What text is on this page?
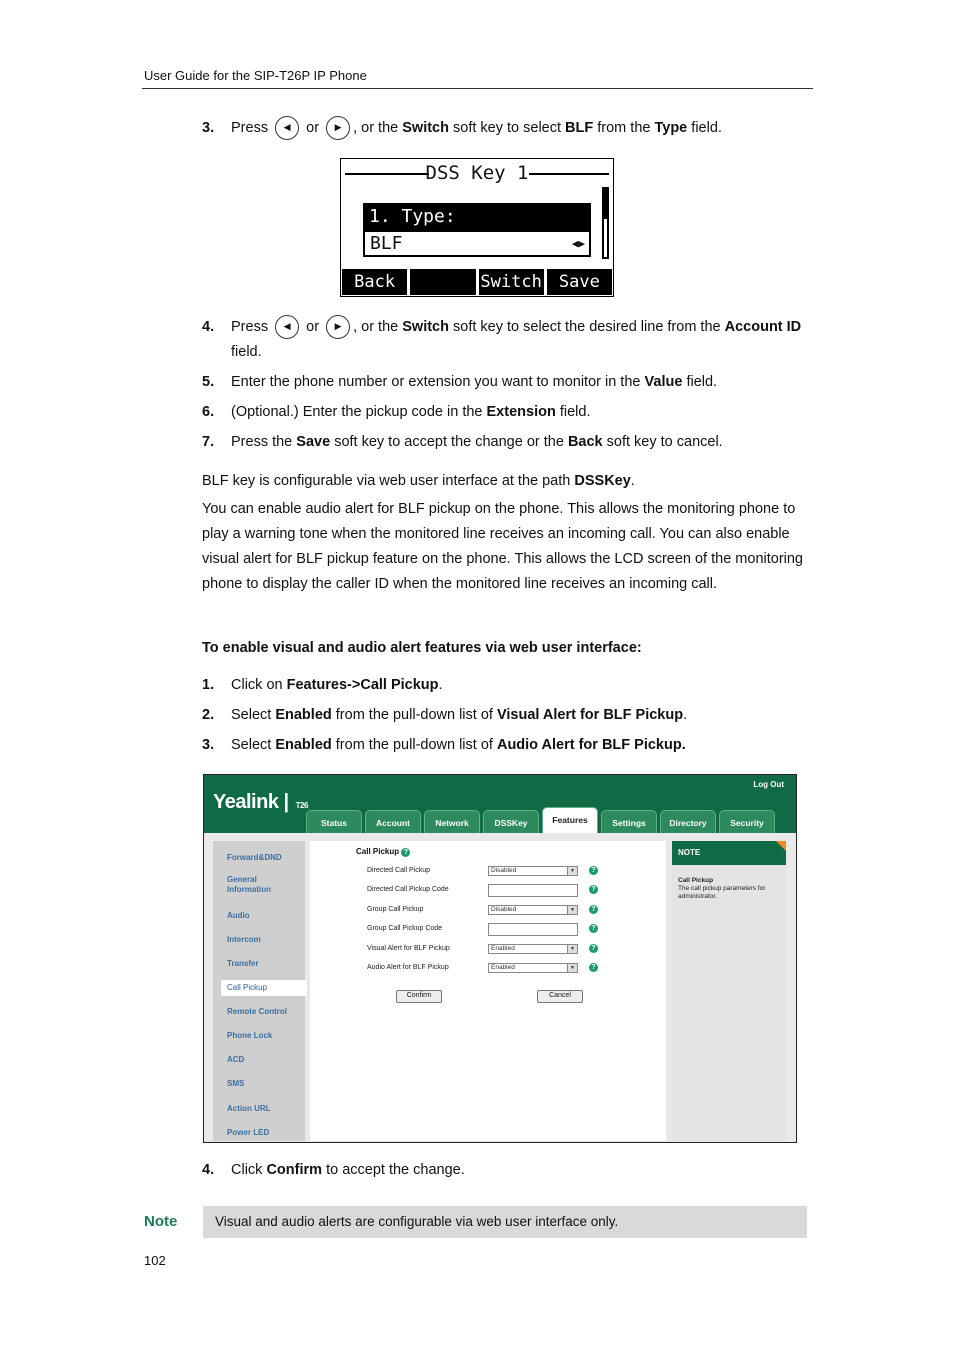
User Guide for the SIP-T26P IP Phone
3. Press ◀ or ▶ , or the Switch soft key to select BLF from the Type field.
DSS Key 1
1. Type:
BLF	◀▶
Back	Switch	Save
4. Press ◀ or ▶ , or the Switch soft key to select the desired line from the Account ID field.
5. Enter the phone number or extension you want to monitor in the Value field.
6. (Optional.) Enter the pickup code in the Extension field.
7. Press the Save soft key to accept the change or the Back soft key to cancel.
BLF key is configurable via web user interface at the path DSSKey.
You can enable audio alert for BLF pickup on the phone. This allows the monitoring phone to play a warning tone when the monitored line receives an incoming call. You can also enable visual alert for BLF pickup feature on the phone. This allows the LCD screen of the monitoring phone to display the caller ID when the monitored line receives an incoming call.
To enable visual and audio alert features via web user interface:
1. Click on Features->Call Pickup.
2. Select Enabled from the pull-down list of Visual Alert for BLF Pickup.
3. Select Enabled from the pull-down list of Audio Alert for BLF Pickup.
Yealink | T26
Log Out
Status	Account	Network	DSSKey	Features	Settings	Directory	Security
Forward&DND
General Information
Audio
Intercom
Transfer
Call Pickup
Remote Control
Phone Lock
ACD
SMS
Action URL
Power LED
Call Pickup ?
Directed Call Pickup	Disabled	▼	?
Directed Call Pickup Code	?
Group Call Pickup	Disabled	▼	?
Group Call Pickup Code	?
Visual Alert for BLF Pickup	Enabled	▼	?
Audio Alert for BLF Pickup	Enabled	▼	?
Confirm	Cancel
NOTE
Call Pickup
The call pickup parameters for administrator.
4. Click Confirm to accept the change.
Note	Visual and audio alerts are configurable via web user interface only.
102
